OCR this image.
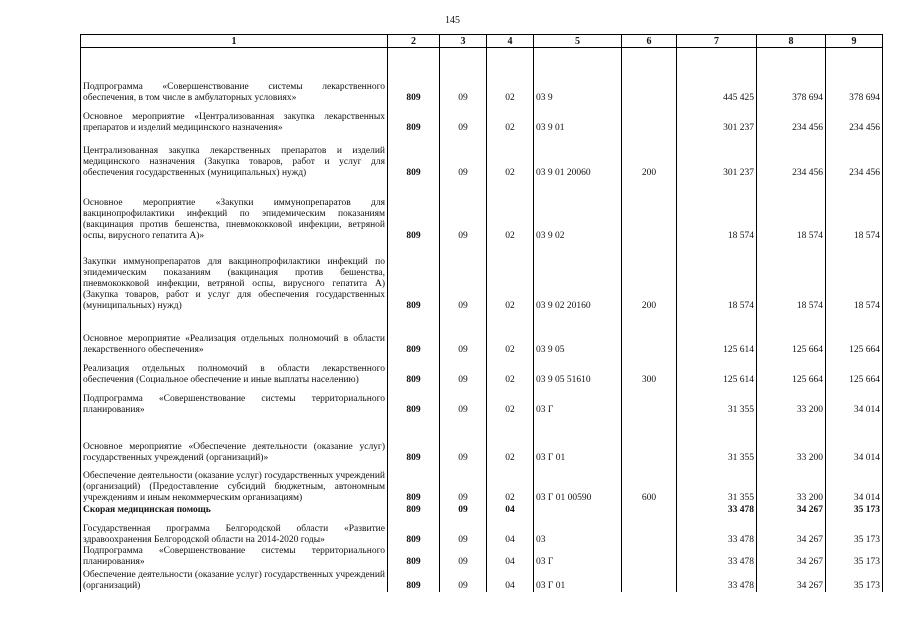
145
1	2	3	4	5	6	7	8	9
Подпрограмма «Совершенствование системы лекарственного обеспечения, в том числе в амбулаторных условиях»	809	09	02	03 9		445 425	378 694	378 694
Основное мероприятие «Централизованная закупка лекарственных препаратов и изделий медицинского назначения»	809	09	02	03 9 01		301 237	234 456	234 456
Централизованная закупка лекарственных препаратов и изделий медицинского назначения (Закупка товаров, работ и услуг для обеспечения государственных (муниципальных) нужд)	809	09	02	03 9 01 20060	200	301 237	234 456	234 456
Основное мероприятие «Закупки иммунопрепаратов для вакцинопрофилактики инфекций по эпидемическим показаниям (вакцинация против бешенства, пневмококковой инфекции, ветряной оспы, вирусного гепатита А)»	809	09	02	03 9 02		18 574	18 574	18 574
Закупки иммунопрепаратов для вакцинопрофилактики инфекций по эпидемическим показаниям (вакцинация против бешенства, пневмококковой инфекции, ветряной оспы, вирусного гепатита А) (Закупка товаров, работ и услуг для обеспечения государственных (муниципальных) нужд)	809	09	02	03 9 02 20160	200	18 574	18 574	18 574
Основное мероприятие «Реализация отдельных полномочий в области лекарственного обеспечения»	809	09	02	03 9 05		125 614	125 664	125 664
Реализация отдельных полномочий в области лекарственного обеспечения (Социальное обеспечение и иные выплаты населению)	809	09	02	03 9 05 51610	300	125 614	125 664	125 664
Подпрограмма «Совершенствование системы территориального планирования»	809	09	02	03 Г		31 355	33 200	34 014
Основное мероприятие «Обеспечение деятельности (оказание услуг) государственных учреждений (организаций)»	809	09	02	03 Г 01		31 355	33 200	34 014
Обеспечение деятельности (оказание услуг) государственных учреждений (организаций) (Предоставление субсидий бюджетным, автономным учреждениям и иным некоммерческим организациям)	809	09	02	03 Г 01 00590	600	31 355	33 200	34 014
Скорая медицинская помощь	809	09	04			33 478	34 267	35 173
Государственная программа Белгородской области «Развитие здравоохранения Белгородской области на 2014-2020 годы»	809	09	04	03		33 478	34 267	35 173
Подпрограмма «Совершенствование системы территориального планирования»	809	09	04	03 Г		33 478	34 267	35 173
Обеспечение деятельности (оказание услуг) государственных учреждений (организаций)	809	09	04	03 Г 01		33 478	34 267	35 173
